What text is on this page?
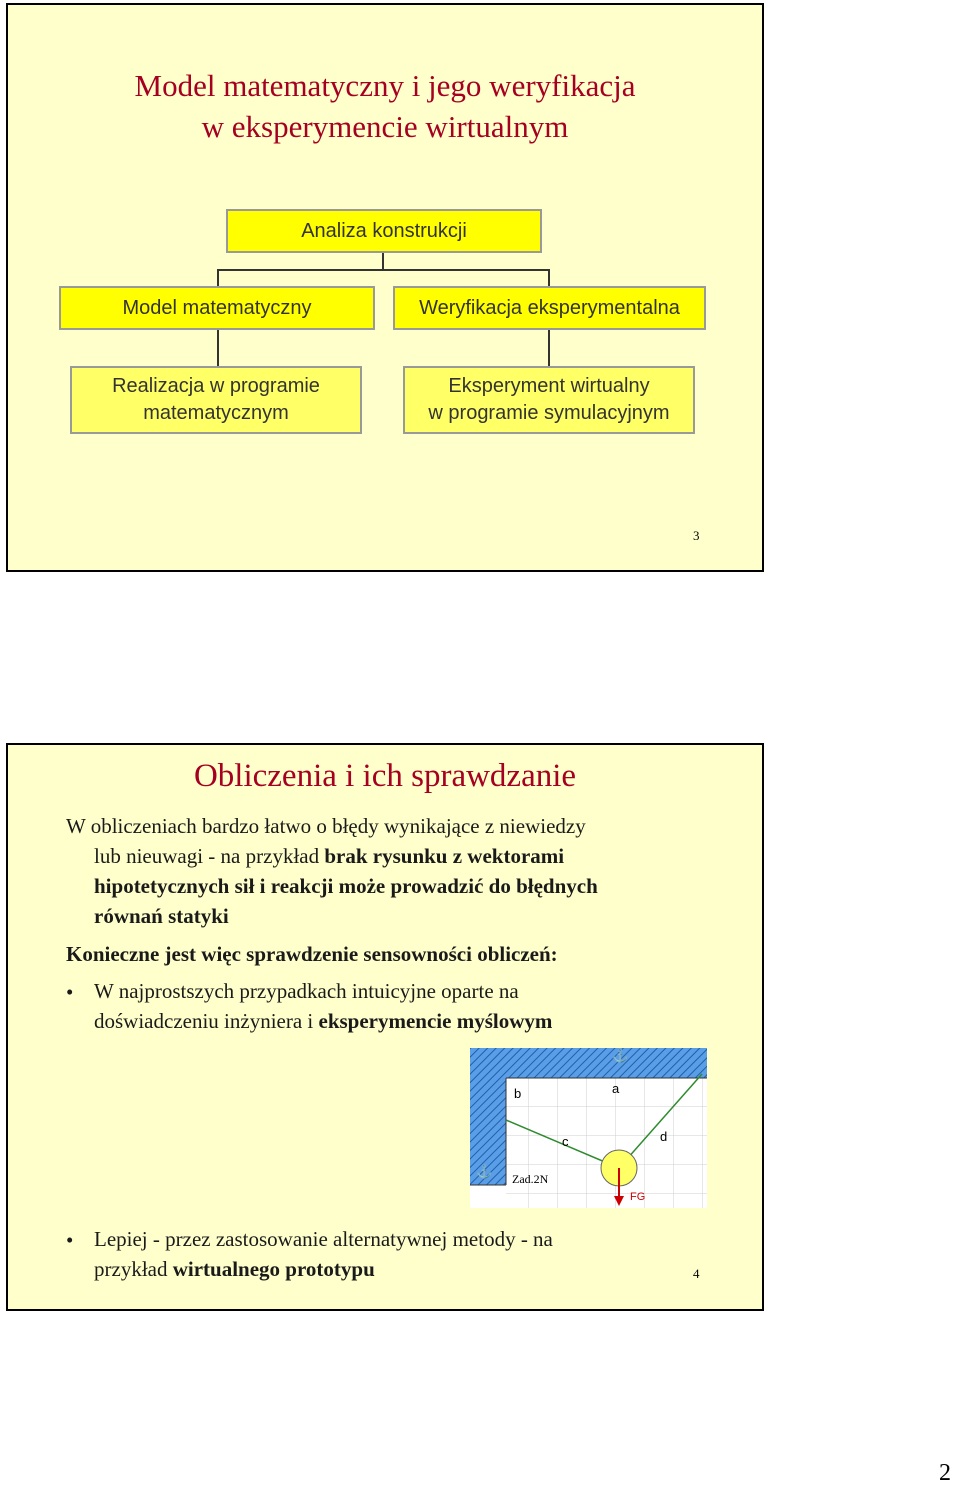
Model matematyczny i jego weryfikacja
w eksperymencie wirtualnym
Analiza konstrukcji
Model matematyczny	Weryfikacja eksperymentalna
Realizacja w programie
matematycznym
Eksperyment wirtualny
w programie symulacyjnym
3
Obliczenia i ich sprawdzanie
W obliczeniach bardzo łatwo o błędy wynikające z niewiedzy
lub nieuwagi - na przykład brak rysunku z wektorami
hipotetycznych sił i reakcji może prowadzić do błędnych
równań statyki
Konieczne jest więc sprawdzenie sensowności obliczeń:
• W najprostszych przypadkach intuicyjne oparte na
doświadczeniu inżyniera i eksperymencie myślowym
⚓
⚓
a
b
c	d
FG
Zad.2N
• Lepiej - przez zastosowanie alternatywnej metody - na
przykład wirtualnego prototypu	4
2
